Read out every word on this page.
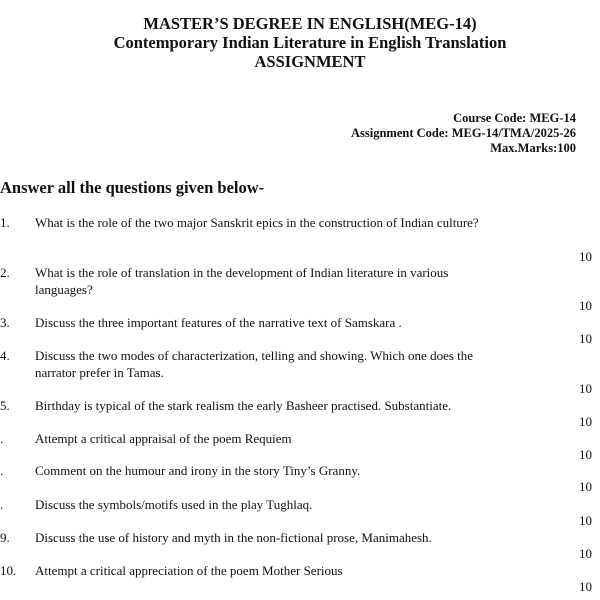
MASTER’S DEGREE IN ENGLISH(MEG-14)

Contemporary Indian Literature in English Translation

ASSIGNMENT

Course Code: MEG-14
Assignment Code: MEG-14/TMA/2025-26
Max.Marks:100
Answer all the questions given below-
1. What is the role of the two major Sanskrit epics in the construction of Indian culture?
10
2. What is the role of translation in the development of Indian literature in various languages?
10
3. Discuss the three important features of the narrative text of Samskara .
10
4. Discuss the two modes of characterization, telling and showing. Which one does the narrator prefer in Tamas.
10
5. Birthday is typical of the stark realism the early Basheer practised. Substantiate.
10
. Attempt a critical appraisal of the poem Requiem
10
. Comment on the humour and irony in the story Tiny’s Granny.
10
. Discuss the symbols/motifs used in the play Tughlaq.
10
9. Discuss the use of history and myth in the non-fictional prose, Manimahesh.
10
10. Attempt a critical appreciation of the poem Mother Serious
10
